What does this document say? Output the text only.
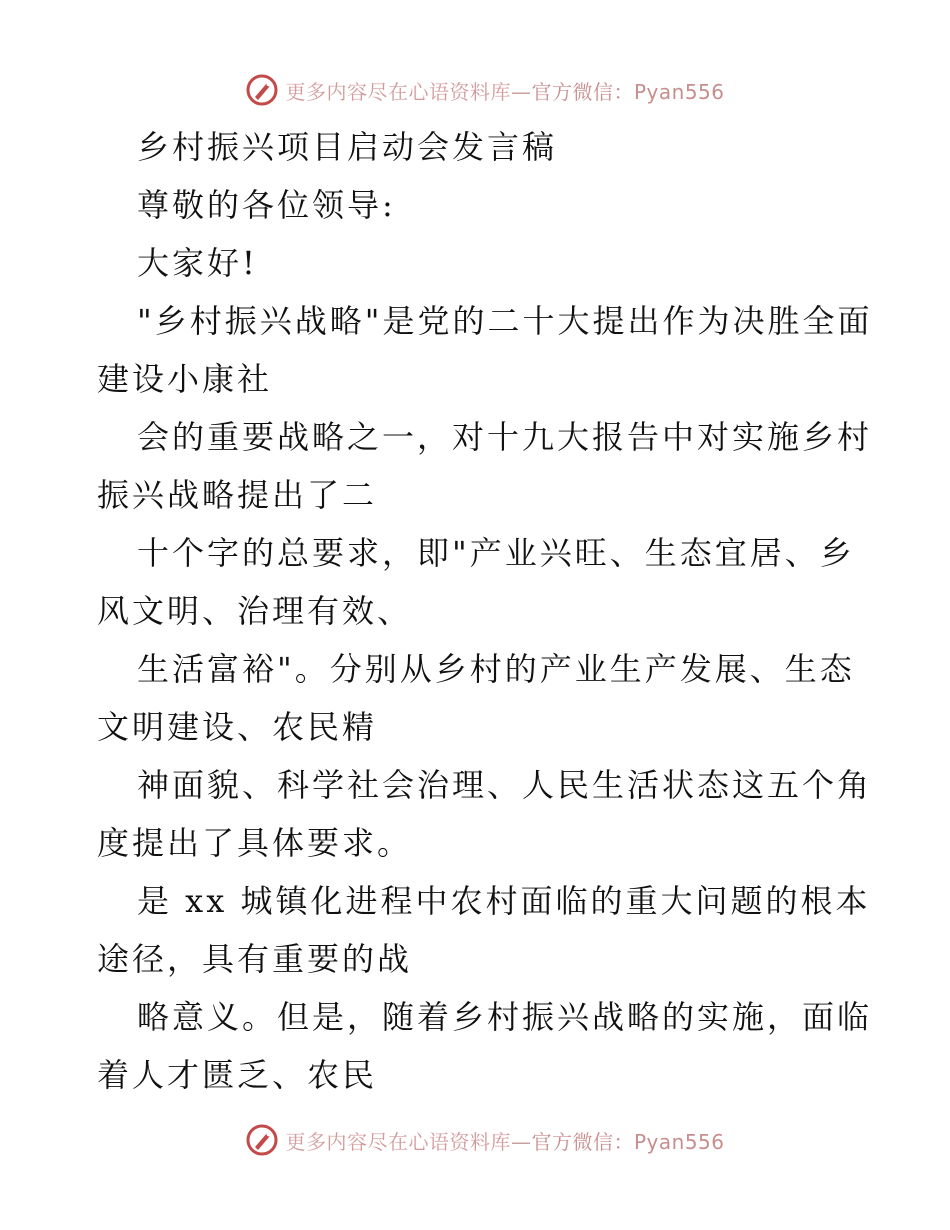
更多内容尽在心语资料库—官方微信：Pyan556
乡村振兴项目启动会发言稿
尊敬的各位领导:
大家好!
"乡村振兴战略"是党的二十大提出作为决胜全面
建设小康社
会的重要战略之一，对十九大报告中对实施乡村
振兴战略提出了二
十个字的总要求，即"产业兴旺、生态宜居、乡
风文明、治理有效、
生活富裕"。分别从乡村的产业生产发展、生态
文明建设、农民精
神面貌、科学社会治理、人民生活状态这五个角
度提出了具体要求。
是 xx 城镇化进程中农村面临的重大问题的根本
途径，具有重要的战
略意义。但是，随着乡村振兴战略的实施，面临
着人才匮乏、农民
更多内容尽在心语资料库—官方微信：Pyan556
